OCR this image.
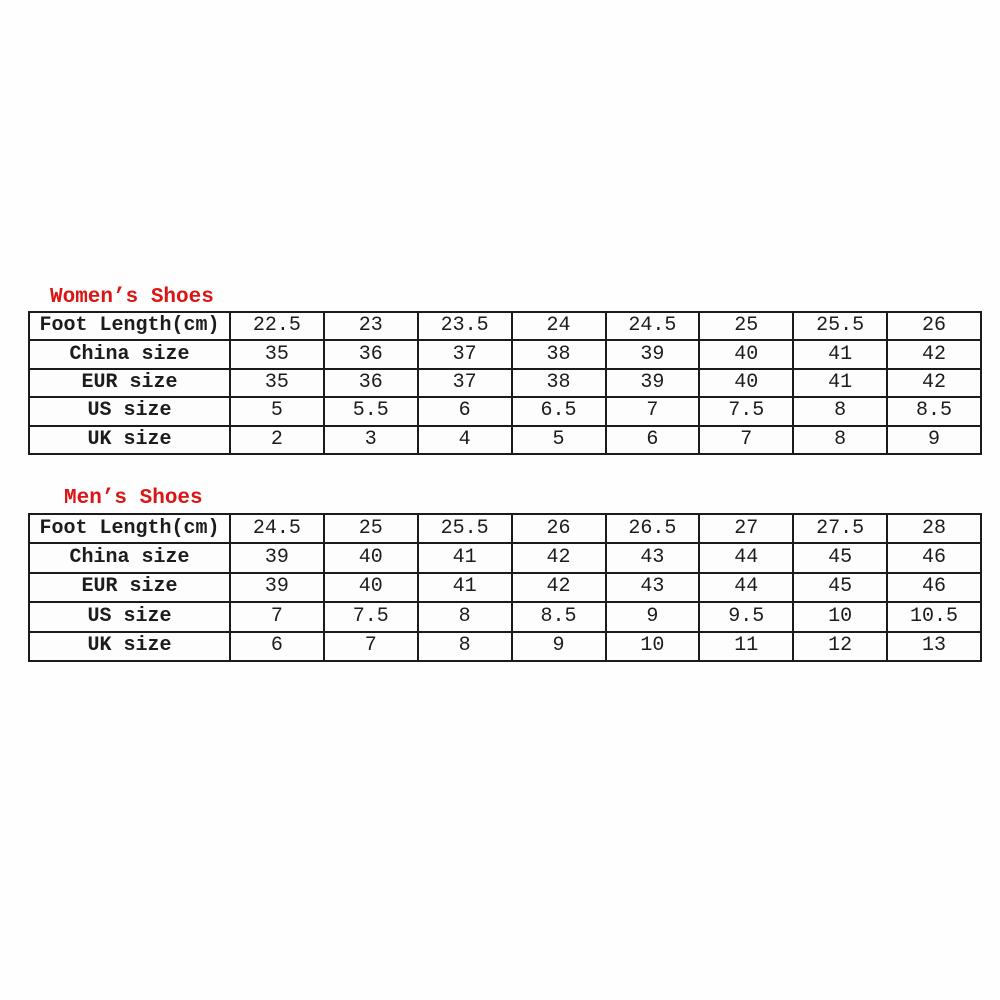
Women’s Shoes
Foot Length(cm)	22.5	23	23.5	24	24.5	25	25.5	26
China size	35	36	37	38	39	40	41	42
EUR size	35	36	37	38	39	40	41	42
US size	5	5.5	6	6.5	7	7.5	8	8.5
UK size	2	3	4	5	6	7	8	9
Men’s Shoes
Foot Length(cm)	24.5	25	25.5	26	26.5	27	27.5	28
China size	39	40	41	42	43	44	45	46
EUR size	39	40	41	42	43	44	45	46
US size	7	7.5	8	8.5	9	9.5	10	10.5
UK size	6	7	8	9	10	11	12	13
